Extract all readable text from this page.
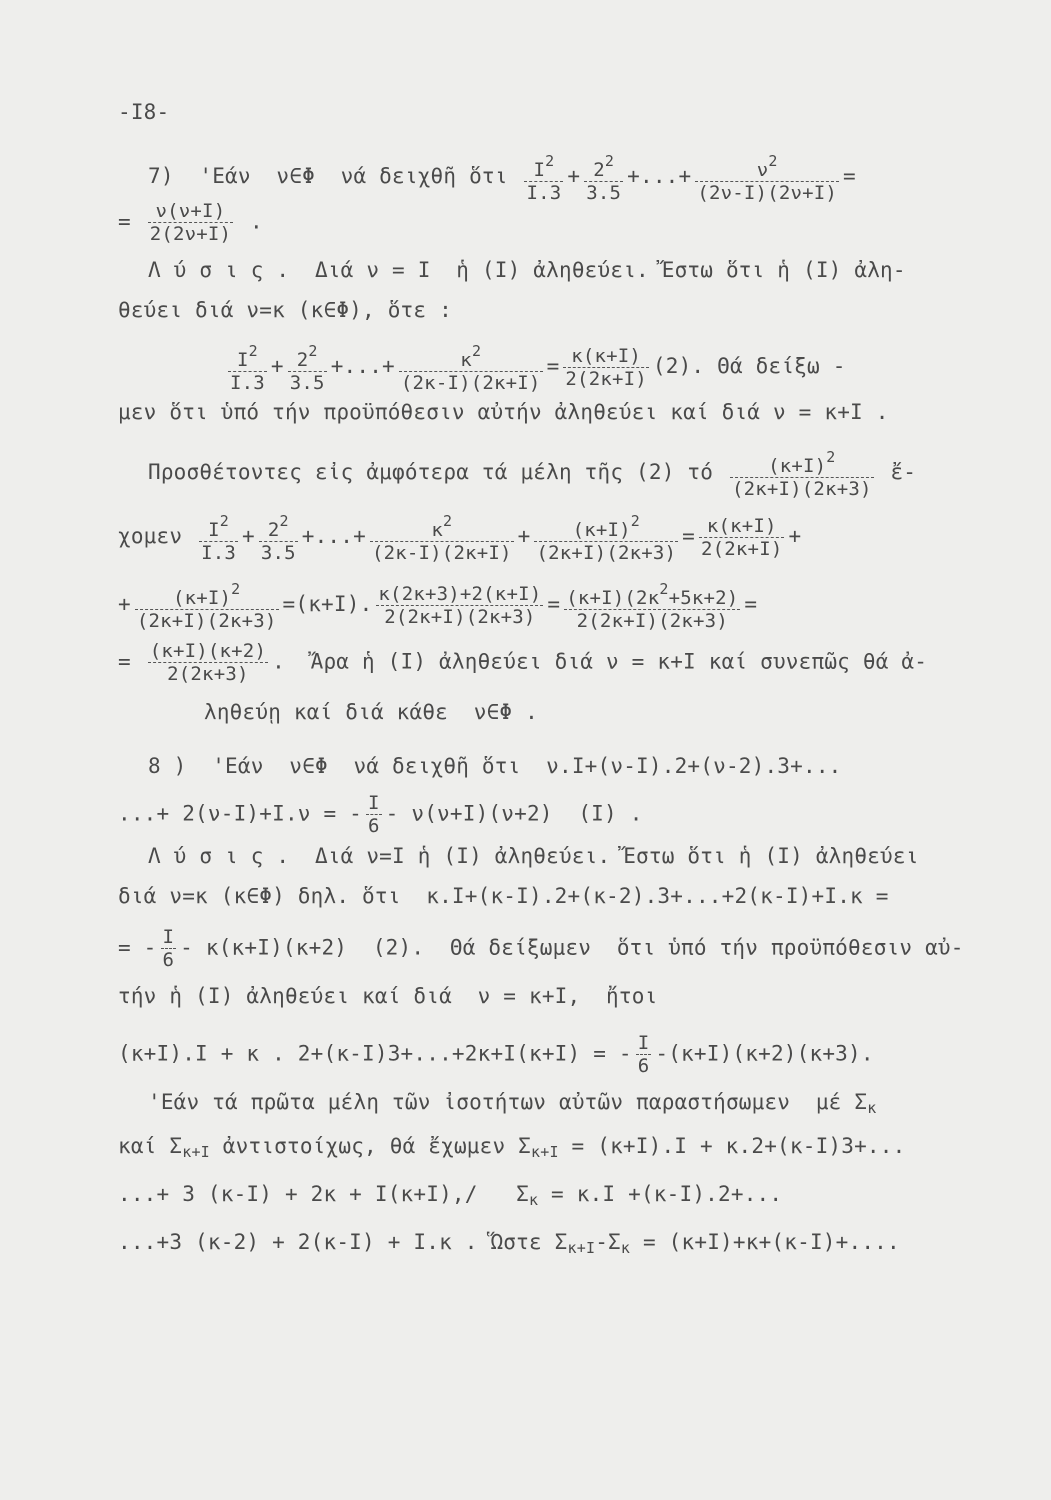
-I8-
7)  'Εάν  ν∈Φ  νά δειχθῆ ὅτι $\frac{I^2}{I.3} + \frac{2^2}{3.5}$ +...+ $\frac{\nu^2}{(2\nu-I)(2\nu+I)}$ =
= $\frac{\nu(\nu+I)}{2(2\nu+I)}$ .
Λ ύ σ ι ς .  Διά ν = I  ἡ (I) ἀληθεύει. Ἔστω ὅτι ἡ (I) ἀλη-
θεύει διά ν=κ (κ∈Φ), ὅτε :
$\frac{I^2}{I.3} + \frac{2^2}{3.5}$ +...+ $\frac{\kappa^2}{(2\kappa-I)(2\kappa+I)} = \frac{\kappa(\kappa+I)}{2(2\kappa+I)} (2)$. Θά δείξω -
μεν ὅτι ὑπό τήν προϋπόθεσιν αὐτήν ἀληθεύει καί διά ν = κ+I .
Προσθέτοντες εἰς ἀμφότερα τά μέλη τῆς (2) τό $\frac{(\kappa+I)^2}{(2\kappa+I)(2\kappa+3)}$ ἔ-
χομεν $\frac{I^2}{I.3} + \frac{2^2}{3.5}$ +...+ $\frac{\kappa^2}{(2\kappa-I)(2\kappa+I)} + \frac{(\kappa+I)^2}{(2\kappa+I)(2\kappa+3)} = \frac{\kappa(\kappa+I)}{2(2\kappa+I)}$ +
+ $\frac{(\kappa+I)^2}{(2\kappa+I)(2\kappa+3)} =(\kappa+I)$. $\frac{\kappa(2\kappa+3)+2(\kappa+I)}{2(2\kappa+I)(2\kappa+3)} = \frac{(\kappa+I)(2\kappa^2+5\kappa+2)}{2(2\kappa+I)(2\kappa+3)}$ =
= $\frac{(\kappa+I)(\kappa+2)}{2(2\kappa+3)}$ .  Ἄρα ἡ (I) ἀληθεύει διά ν = κ+I καί συνεπῶς θά ἀ-
ληθεύῃ καί διά κάθε  ν∈Φ .
8 )  'Εάν  ν∈Φ  νά δειχθῆ ὅτι  ν.I+(ν-I).2+(ν-2).3+...
...+ 2(ν-I)+I.ν = - $\frac{I}{6} - \nu(\nu+I)(\nu+2)$  (I) .
Λ ύ σ ι ς .  Διά ν=I ἡ (I) ἀληθεύει. Ἔστω ὅτι ἡ (I) ἀληθεύει
διά ν=κ (κ∈Φ) δηλ. ὅτι  κ.I+(κ-I).2+(κ-2).3+...+2(κ-I)+I.κ =
= - $\frac{I}{6} - \kappa(\kappa+I)(\kappa+2)$  (2).  Θά δείξωμεν  ὅτι ὑπό τήν προϋπόθεσιν αὐ-
τήν ἡ (I) ἀληθεύει καί διά  ν = κ+I,  ἤτοι
(κ+I).I + κ . 2+(κ-I)3+...+2κ+I(κ+I) = - $\frac{I}{6} -(\kappa+I)(\kappa+2)(\kappa+3)$.
'Εάν τά πρῶτα μέλη τῶν ἰσοτήτων αὐτῶν παραστήσωμεν  μέ $\Sigma_\kappa$
καί $\Sigma_{\kappa+I}$ ἀντιστοίχως, θά ἔχωμεν $\Sigma_{\kappa+I} = (\kappa+I).I + \kappa.2+(\kappa-I)3+$...
...+ 3 (κ-I) + 2κ + I(κ+I),/   $\Sigma_\kappa = \kappa.I +(\kappa-I).2+$...
...+3 (κ-2) + 2(κ-I) + I.κ . Ὥστε $\Sigma_{\kappa+I}-\Sigma_\kappa = (\kappa+I)+\kappa+(\kappa-I)+$....
